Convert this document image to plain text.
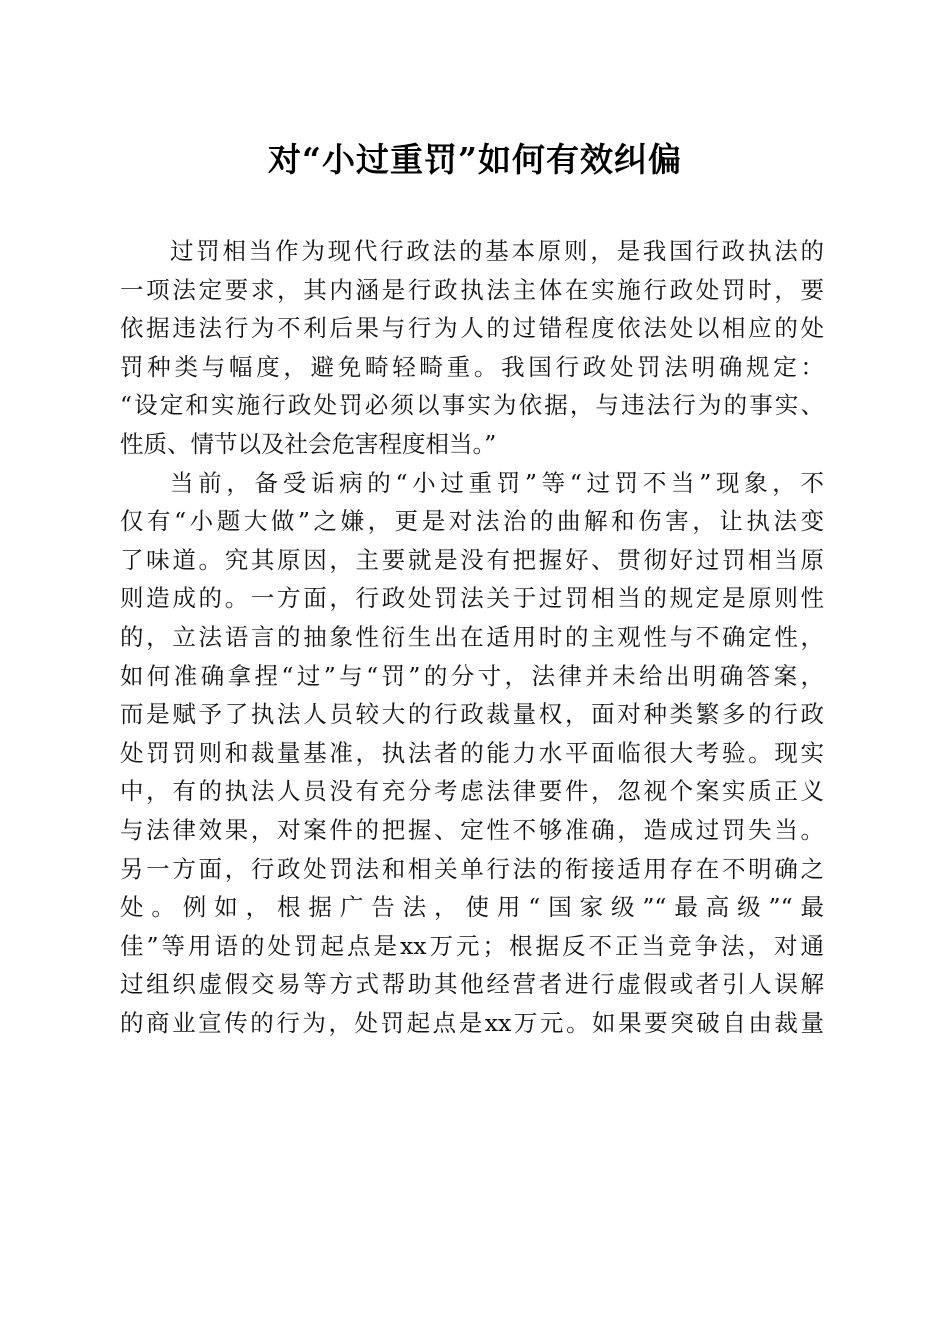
对“小过重罚”如何有效纠偏
过罚相当作为现代行政法的基本原则，是我国行政执法的
一项法定要求，其内涵是行政执法主体在实施行政处罚时，要
依据违法行为不利后果与行为人的过错程度依法处以相应的处
罚种类与幅度，避免畸轻畸重。我国行政处罚法明确规定：
“设定和实施行政处罚必须以事实为依据，与违法行为的事实、
性质、情节以及社会危害程度相当。”
当前，备受诟病的“小过重罚”等“过罚不当”现象，不
仅有“小题大做”之嫌，更是对法治的曲解和伤害，让执法变
了味道。究其原因，主要就是没有把握好、贯彻好过罚相当原
则造成的。一方面，行政处罚法关于过罚相当的规定是原则性
的，立法语言的抽象性衍生出在适用时的主观性与不确定性，
如何准确拿捏“过”与“罚”的分寸，法律并未给出明确答案，
而是赋予了执法人员较大的行政裁量权，面对种类繁多的行政
处罚罚则和裁量基准，执法者的能力水平面临很大考验。现实
中，有的执法人员没有充分考虑法律要件，忽视个案实质正义
与法律效果，对案件的把握、定性不够准确，造成过罚失当。
另一方面，行政处罚法和相关单行法的衔接适用存在不明确之
处。例如，根据广告法，使用“国家级”“最高级”“最
佳”等用语的处罚起点是xx万元；根据反不正当竞争法，对通
过组织虚假交易等方式帮助其他经营者进行虚假或者引人误解
的商业宣传的行为，处罚起点是xx万元。如果要突破自由裁量
